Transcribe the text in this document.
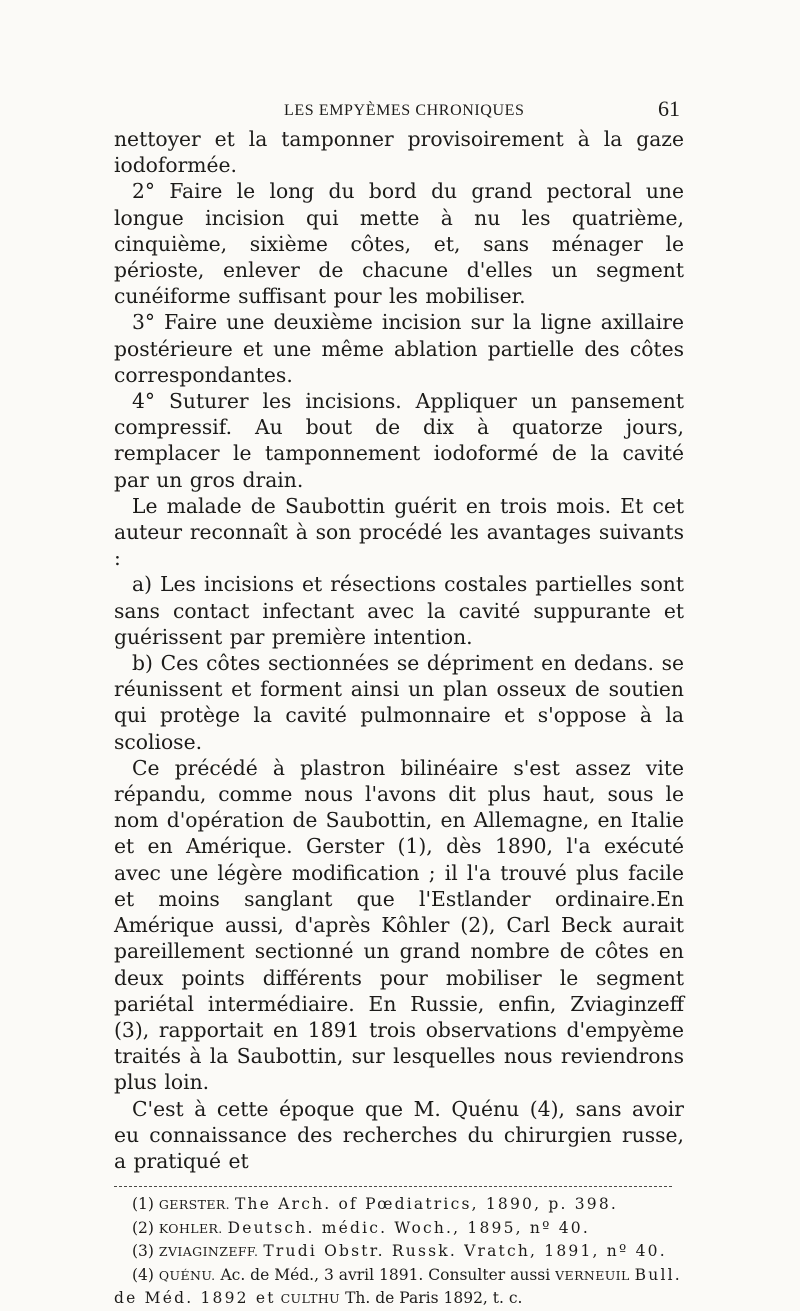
LES EMPYÈMES CHRONIQUES	61

nettoyer et la tamponner provisoirement à la gaze iodoformée.

2° Faire le long du bord du grand pectoral une longue incision qui mette à nu les quatrième, cinquième, sixième côtes, et, sans ménager le périoste, enlever de chacune d'elles un segment cunéiforme suffisant pour les mobiliser.

3° Faire une deuxième incision sur la ligne axillaire postérieure et une même ablation partielle des côtes correspondantes.

4° Suturer les incisions. Appliquer un pansement compressif. Au bout de dix à quatorze jours, remplacer le tamponnement iodoformé de la cavité par un gros drain.

Le malade de Saubottin guérit en trois mois. Et cet auteur reconnaît à son procédé les avantages suivants :

a) Les incisions et résections costales partielles sont sans contact infectant avec la cavité suppurante et guérissent par première intention.

b) Ces côtes sectionnées se dépriment en dedans. se réunissent et forment ainsi un plan osseux de soutien qui protège la cavité pulmonnaire et s'oppose à la scoliose.

Ce précédé à plastron bilinéaire s'est assez vite répandu, comme nous l'avons dit plus haut, sous le nom d'opération de Saubottin, en Allemagne, en Italie et en Amérique. Gerster (1), dès 1890, l'a exécuté avec une légère modification ; il l'a trouvé plus facile et moins sanglant que l'Estlander ordinaire.En Amérique aussi, d'après Kôhler (2), Carl Beck aurait pareillement sectionné un grand nombre de côtes en deux points différents pour mobiliser le segment pariétal intermédiaire. En Russie, enfin, Zviaginzeff (3), rapportait en 1891 trois observations d'empyème traités à la Saubottin, sur lesquelles nous reviendrons plus loin.

C'est à cette époque que M. Quénu (4), sans avoir eu connaissance des recherches du chirurgien russe, a pratiqué et

(1) GERSTER. The Arch. of Pœdiatrics, 1890, p. 398.

(2) KOHLER. Deutsch. médic. Woch., 1895, nº 40.

(3) ZVIAGINZEFF. Trudi Obstr. Russk. Vratch, 1891, nº 40.

(4) QUÉNU. Ac. de Méd., 3 avril 1891. Consulter aussi VERNEUIL Bull. de Méd. 1892 et CULTHU Th. de Paris 1892, t. c.
